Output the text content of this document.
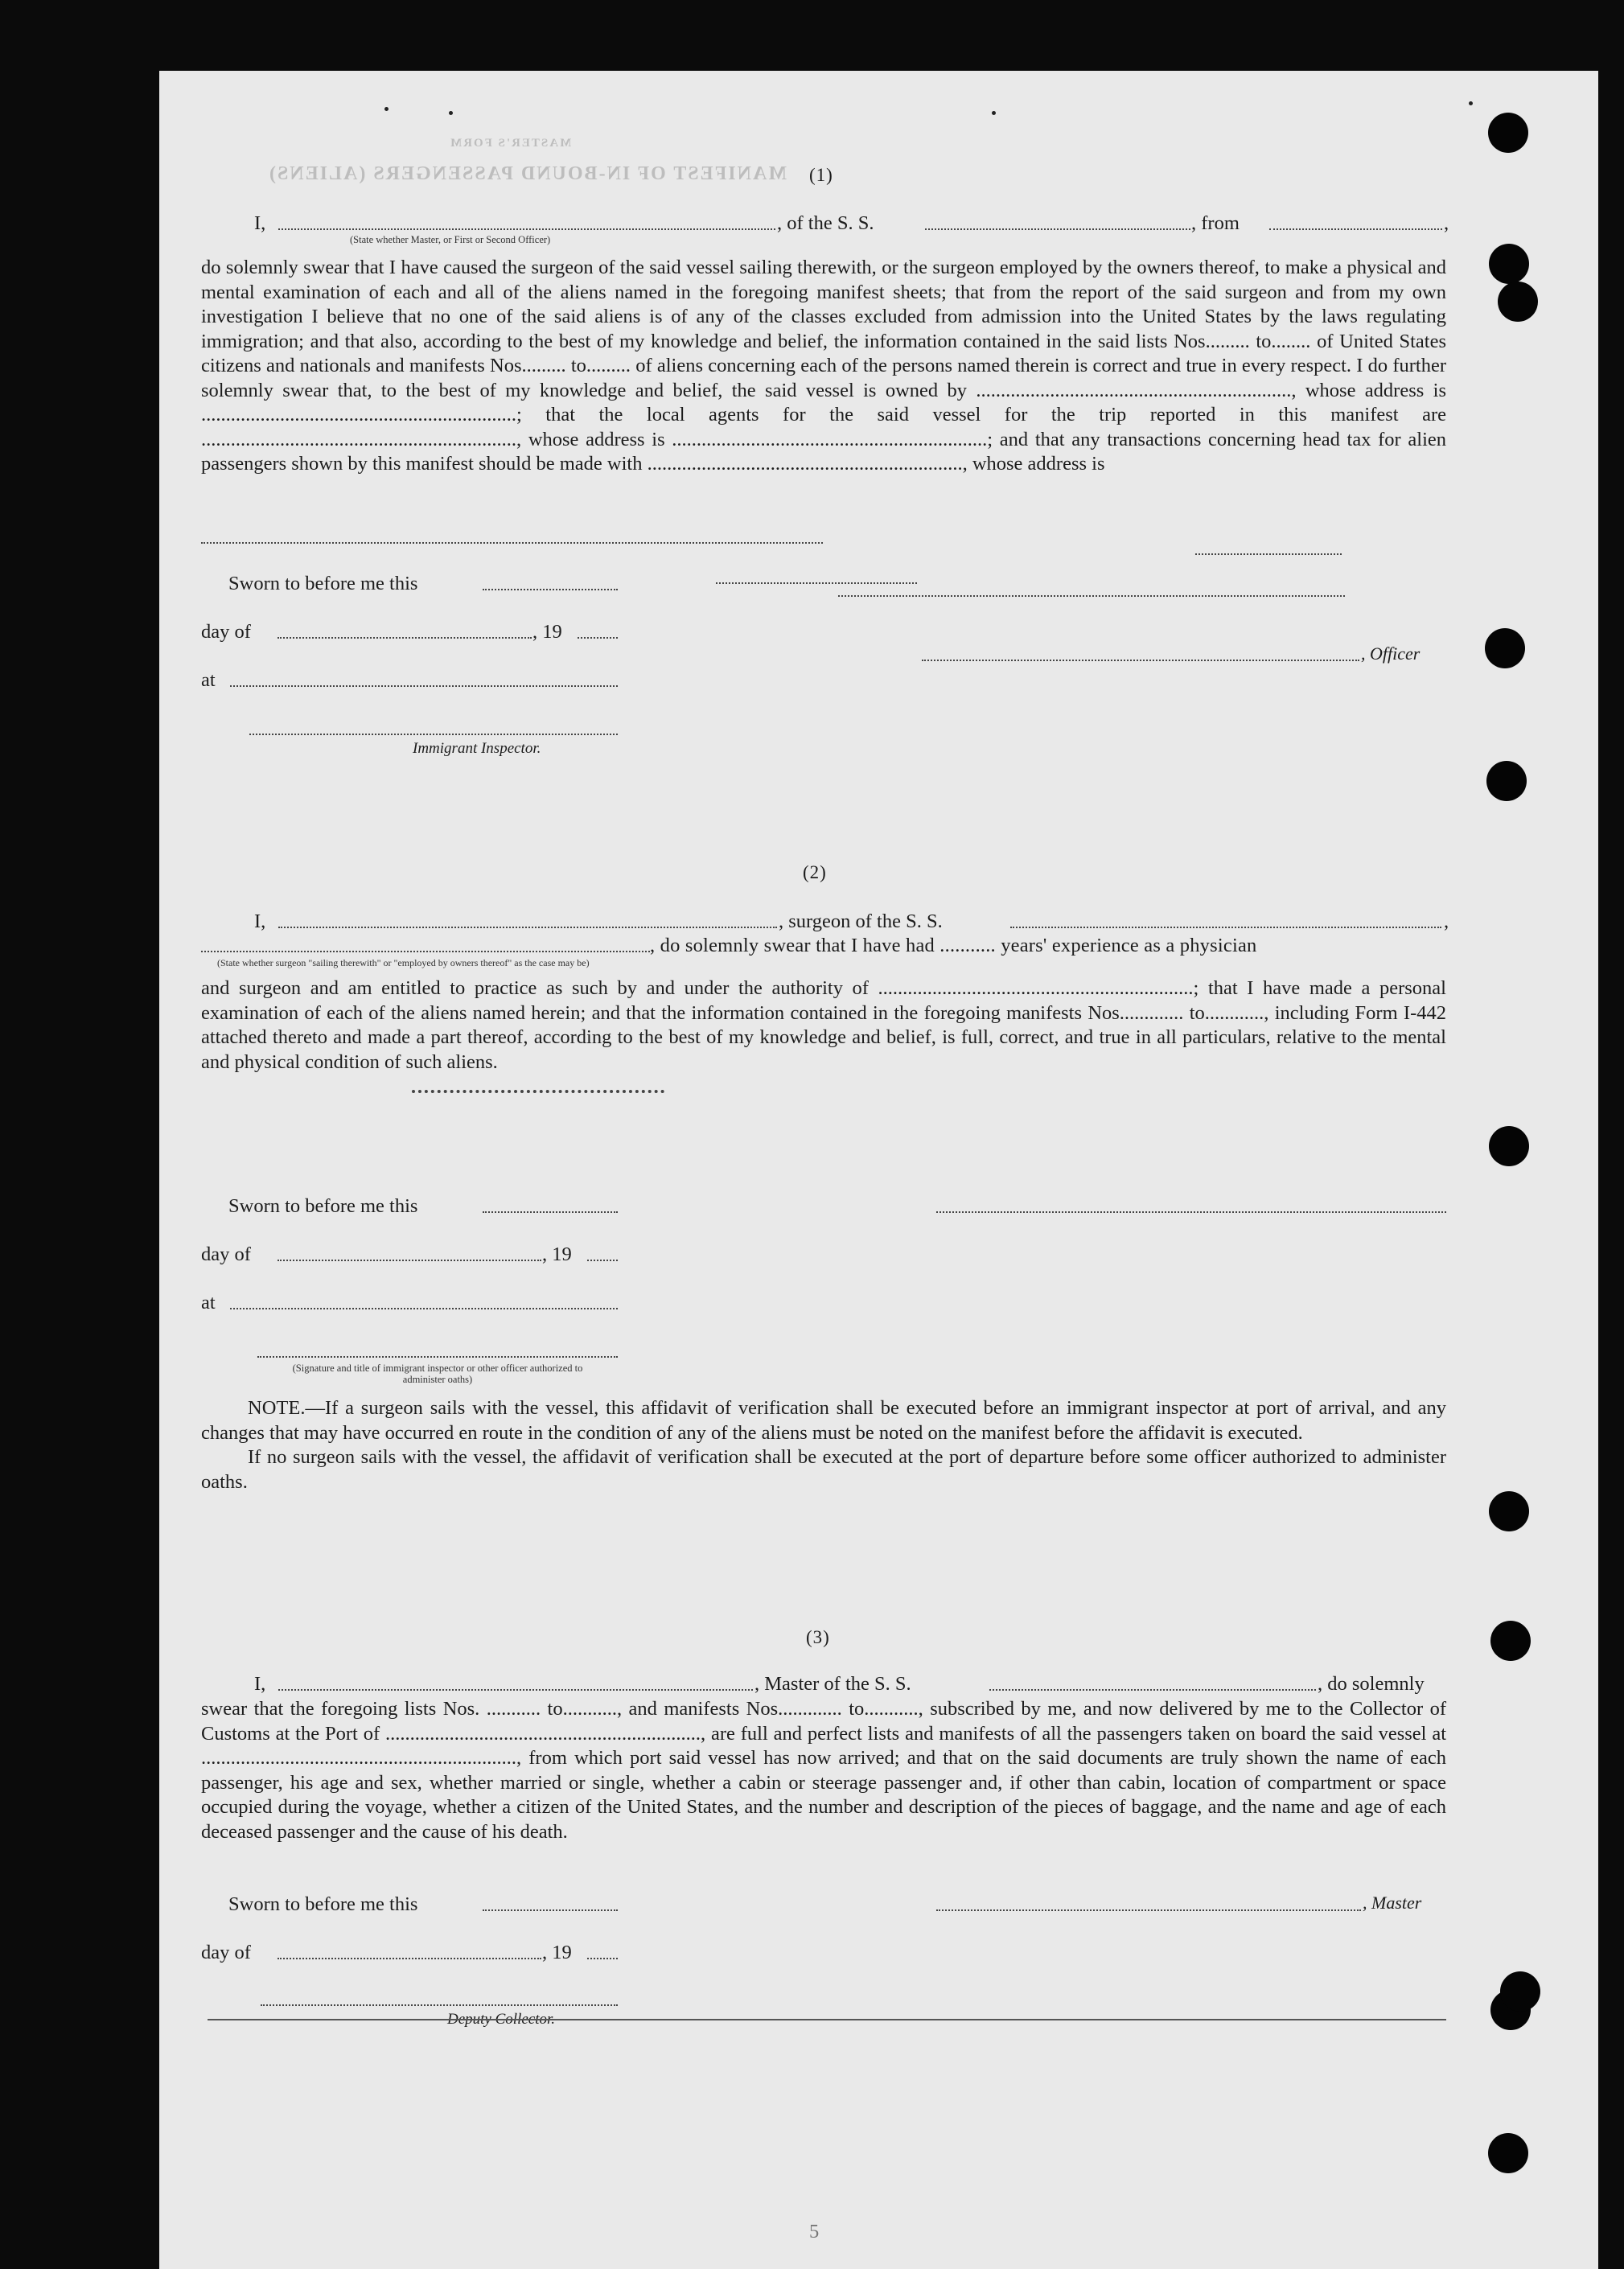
MANIFEST OF IN-BOUND PASSENGERS (ALIENS)
MASTER'S FORM
(1)
I,	, of the S. S.	, from	,
(State whether Master, or First or Second Officer)

do solemnly swear that I have caused the surgeon of the said vessel sailing therewith, or the surgeon employed by the owners thereof, to make a physical and mental examination of each and all of the aliens named in the foregoing manifest sheets; that from the report of the said surgeon and from my own investigation I believe that no one of the said aliens is of any of the classes excluded from admission into the United States by the laws regulating immigration; and that also, according to the best of my knowledge and belief, the information contained in the said lists Nos......... to........ of United States citizens and nationals and manifests Nos......... to......... of aliens concerning each of the persons named therein is correct and true in every respect. I do further solemnly swear that, to the best of my knowledge and belief, the said vessel is owned by ................................................................, whose address is ................................................................; that the local agents for the said vessel for the trip reported in this manifest are ................................................................, whose address is ................................................................; and that any transactions concerning head tax for alien passengers shown by this manifest should be made with ................................................................, whose address is

Sworn to before me this
day of	, 19
, Officer
at
Immigrant Inspector.
(2)
I,	, surgeon of the S. S.	,
, do solemnly swear that I have had ........... years' experience as a physician
(State whether surgeon "sailing therewith" or "employed by owners thereof" as the case may be)

and surgeon and am entitled to practice as such by and under the authority of ................................................................; that I have made a personal examination of each of the aliens named herein; and that the information contained in the foregoing manifests Nos............. to............, including Form I-442 attached thereto and made a part thereof, according to the best of my knowledge and belief, is full, correct, and true in all particulars, relative to the mental and physical condition of such aliens.

Sworn to before me this
day of	, 19
at
(Signature and title of immigrant inspector or other officer authorized to administer oaths)

NOTE.—If a surgeon sails with the vessel, this affidavit of verification shall be executed before an immigrant inspector at port of arrival, and any changes that may have occurred en route in the condition of any of the aliens must be noted on the manifest before the affidavit is executed.

If no surgeon sails with the vessel, the affidavit of verification shall be executed at the port of departure before some officer authorized to administer oaths.

(3)
I,	, Master of the S. S.	, do solemnly

swear that the foregoing lists Nos. ........... to..........., and manifests Nos............. to..........., subscribed by me, and now delivered by me to the Collector of Customs at the Port of ................................................................, are full and perfect lists and manifests of all the passengers taken on board the said vessel at ................................................................, from which port said vessel has now arrived; and that on the said documents are truly shown the name of each passenger, his age and sex, whether married or single, whether a cabin or steerage passenger and, if other than cabin, location of compartment or space occupied during the voyage, whether a citizen of the United States, and the number and description of the pieces of baggage, and the name and age of each deceased passenger and the cause of his death.

Sworn to before me this	, Master
day of	, 19
Deputy Collector.
5
